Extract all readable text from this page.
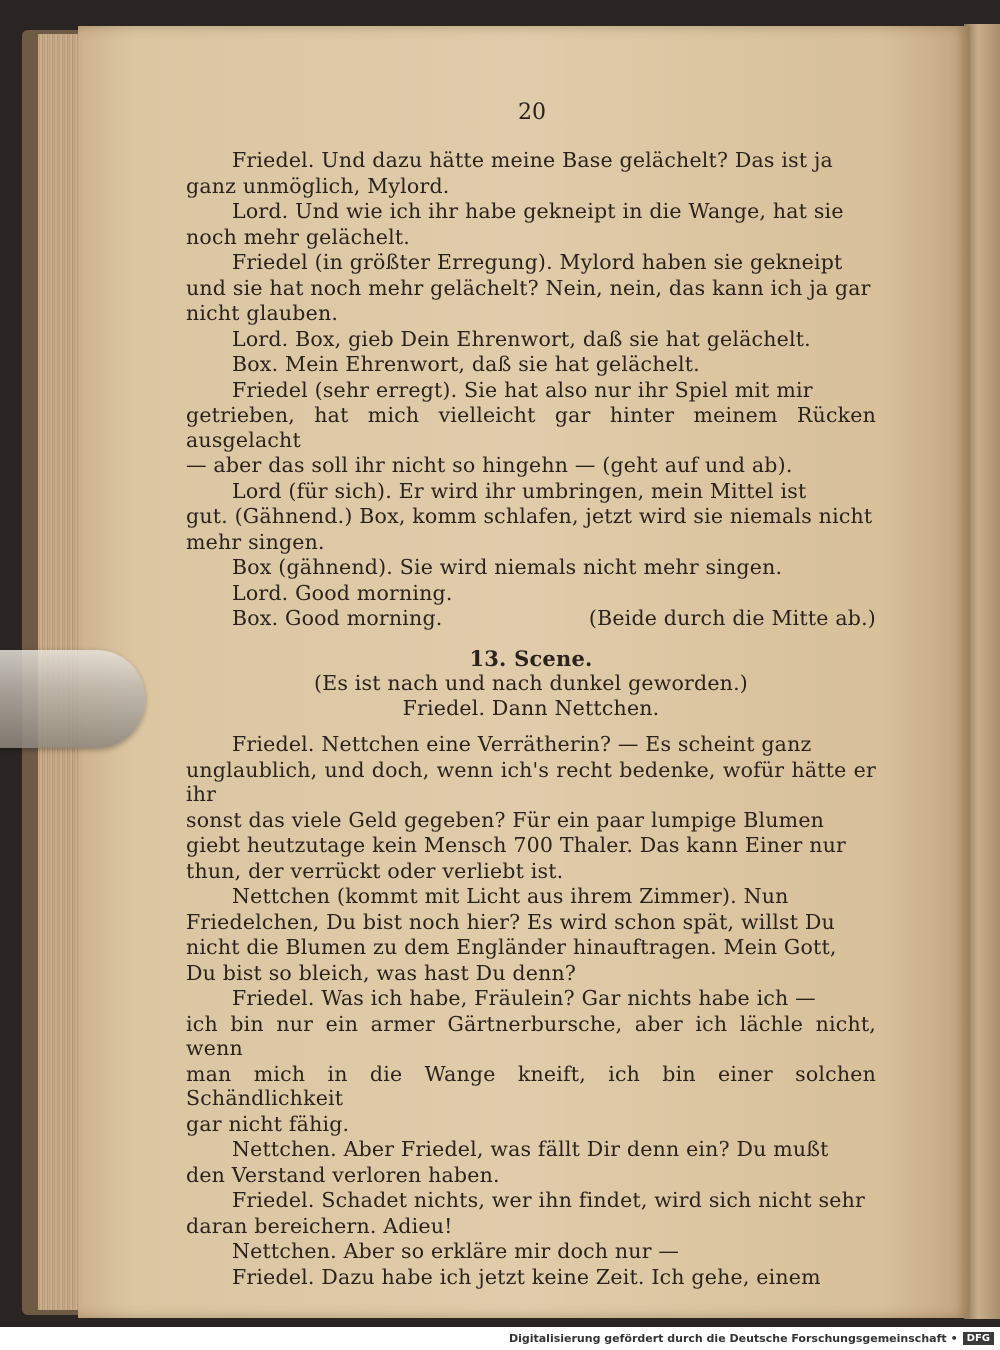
20
Friedel. Und dazu hätte meine Base gelächelt? Das ist ja
ganz unmöglich, Mylord.
Lord. Und wie ich ihr habe gekneipt in die Wange, hat sie
noch mehr gelächelt.
Friedel (in größter Erregung). Mylord haben sie gekneipt
und sie hat noch mehr gelächelt? Nein, nein, das kann ich ja gar
nicht glauben.
Lord. Box, gieb Dein Ehrenwort, daß sie hat gelächelt.
Box. Mein Ehrenwort, daß sie hat gelächelt.
Friedel (sehr erregt). Sie hat also nur ihr Spiel mit mir
getrieben, hat mich vielleicht gar hinter meinem Rücken ausgelacht
— aber das soll ihr nicht so hingehn — (geht auf und ab).
Lord (für sich). Er wird ihr umbringen, mein Mittel ist
gut. (Gähnend.) Box, komm schlafen, jetzt wird sie niemals nicht
mehr singen.
Box (gähnend). Sie wird niemals nicht mehr singen.
Lord. Good morning.
Box. Good morning.	(Beide durch die Mitte ab.)
13. Scene.
(Es ist nach und nach dunkel geworden.)
Friedel. Dann Nettchen.
Friedel. Nettchen eine Verrätherin? — Es scheint ganz
unglaublich, und doch, wenn ich's recht bedenke, wofür hätte er ihr
sonst das viele Geld gegeben? Für ein paar lumpige Blumen
giebt heutzutage kein Mensch 700 Thaler. Das kann Einer nur
thun, der verrückt oder verliebt ist.
Nettchen (kommt mit Licht aus ihrem Zimmer). Nun
Friedelchen, Du bist noch hier? Es wird schon spät, willst Du
nicht die Blumen zu dem Engländer hinauftragen. Mein Gott,
Du bist so bleich, was hast Du denn?
Friedel. Was ich habe, Fräulein? Gar nichts habe ich —
ich bin nur ein armer Gärtnerbursche, aber ich lächle nicht, wenn
man mich in die Wange kneift, ich bin einer solchen Schändlichkeit
gar nicht fähig.
Nettchen. Aber Friedel, was fällt Dir denn ein? Du mußt
den Verstand verloren haben.
Friedel. Schadet nichts, wer ihn findet, wird sich nicht sehr
daran bereichern. Adieu!
Nettchen. Aber so erkläre mir doch nur —
Friedel. Dazu habe ich jetzt keine Zeit. Ich gehe, einem
Digitalisierung gefördert durch die Deutsche Forschungsgemeinschaft • DFG
